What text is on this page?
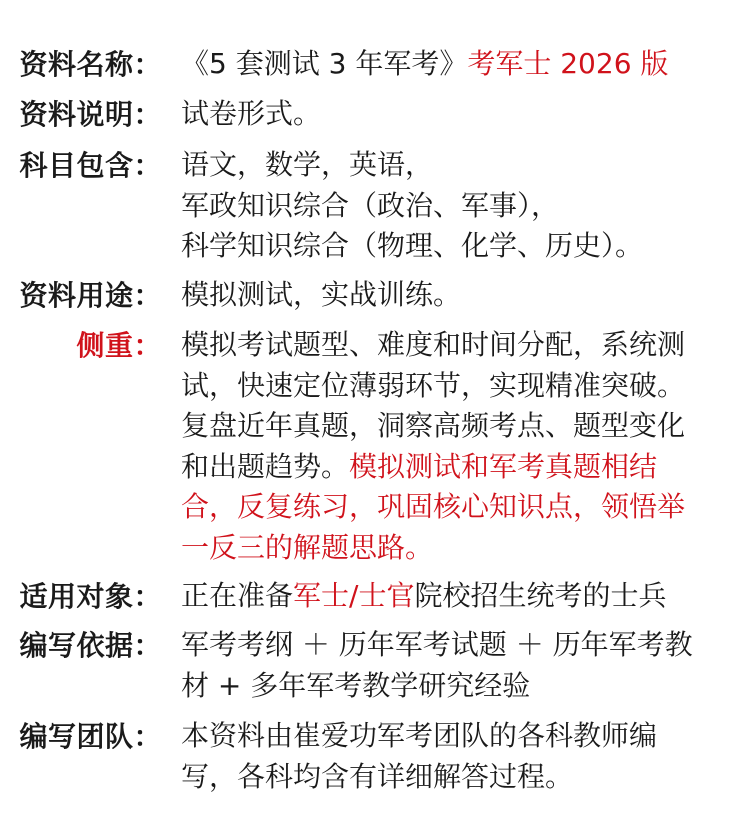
资料名称： 《5 套测试 3 年军考》考军士 2026 版
资料说明： 试卷形式。
科目包含： 语文，数学，英语，
军政知识综合（政治、军事），
科学知识综合（物理、化学、历史）。
资料用途： 模拟测试，实战训练。
侧重： 模拟考试题型、难度和时间分配，系统测
试，快速定位薄弱环节，实现精准突破。
复盘近年真题，洞察高频考点、题型变化
和出题趋势。模拟测试和军考真题相结
合，反复练习，巩固核心知识点，领悟举
一反三的解题思路。
适用对象： 正在准备军士/士官院校招生统考的士兵
编写依据： 军考考纲 ＋ 历年军考试题 ＋ 历年军考教
材 + 多年军考教学研究经验
编写团队： 本资料由崔爱功军考团队的各科教师编
写，各科均含有详细解答过程。
